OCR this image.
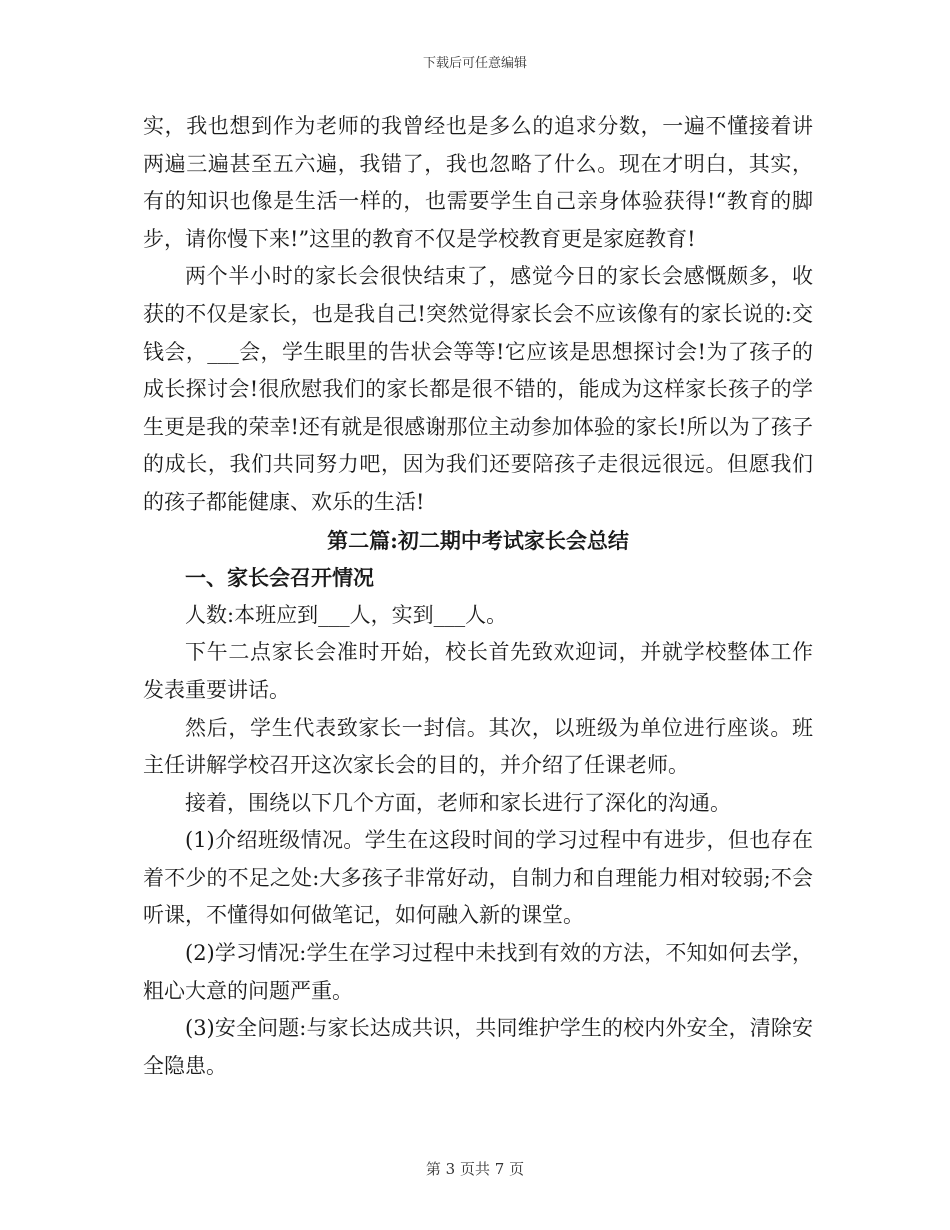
下载后可任意编辑

实，我也想到作为老师的我曾经也是多么的追求分数，一遍不懂接着讲两遍三遍甚至五六遍，我错了，我也忽略了什么。现在才明白，其实，有的知识也像是生活一样的，也需要学生自己亲身体验获得!“教育的脚步，请你慢下来!”这里的教育不仅是学校教育更是家庭教育!

两个半小时的家长会很快结束了，感觉今日的家长会感慨颇多，收获的不仅是家长，也是我自己!突然觉得家长会不应该像有的家长说的:交钱会，___会，学生眼里的告状会等等!它应该是思想探讨会!为了孩子的成长探讨会!很欣慰我们的家长都是很不错的，能成为这样家长孩子的学生更是我的荣幸!还有就是很感谢那位主动参加体验的家长!所以为了孩子的成长，我们共同努力吧，因为我们还要陪孩子走很远很远。但愿我们的孩子都能健康、欢乐的生活!

第二篇:初二期中考试家长会总结

一、家长会召开情况

人数:本班应到___人，实到___人。

下午二点家长会准时开始，校长首先致欢迎词，并就学校整体工作发表重要讲话。

然后，学生代表致家长一封信。其次，以班级为单位进行座谈。班主任讲解学校召开这次家长会的目的，并介绍了任课老师。

接着，围绕以下几个方面，老师和家长进行了深化的沟通。

(1)介绍班级情况。学生在这段时间的学习过程中有进步，但也存在着不少的不足之处:大多孩子非常好动，自制力和自理能力相对较弱;不会听课，不懂得如何做笔记，如何融入新的课堂。

(2)学习情况:学生在学习过程中未找到有效的方法，不知如何去学，粗心大意的问题严重。

(3)安全问题:与家长达成共识，共同维护学生的校内外安全，清除安全隐患。

第 3 页共 7 页
